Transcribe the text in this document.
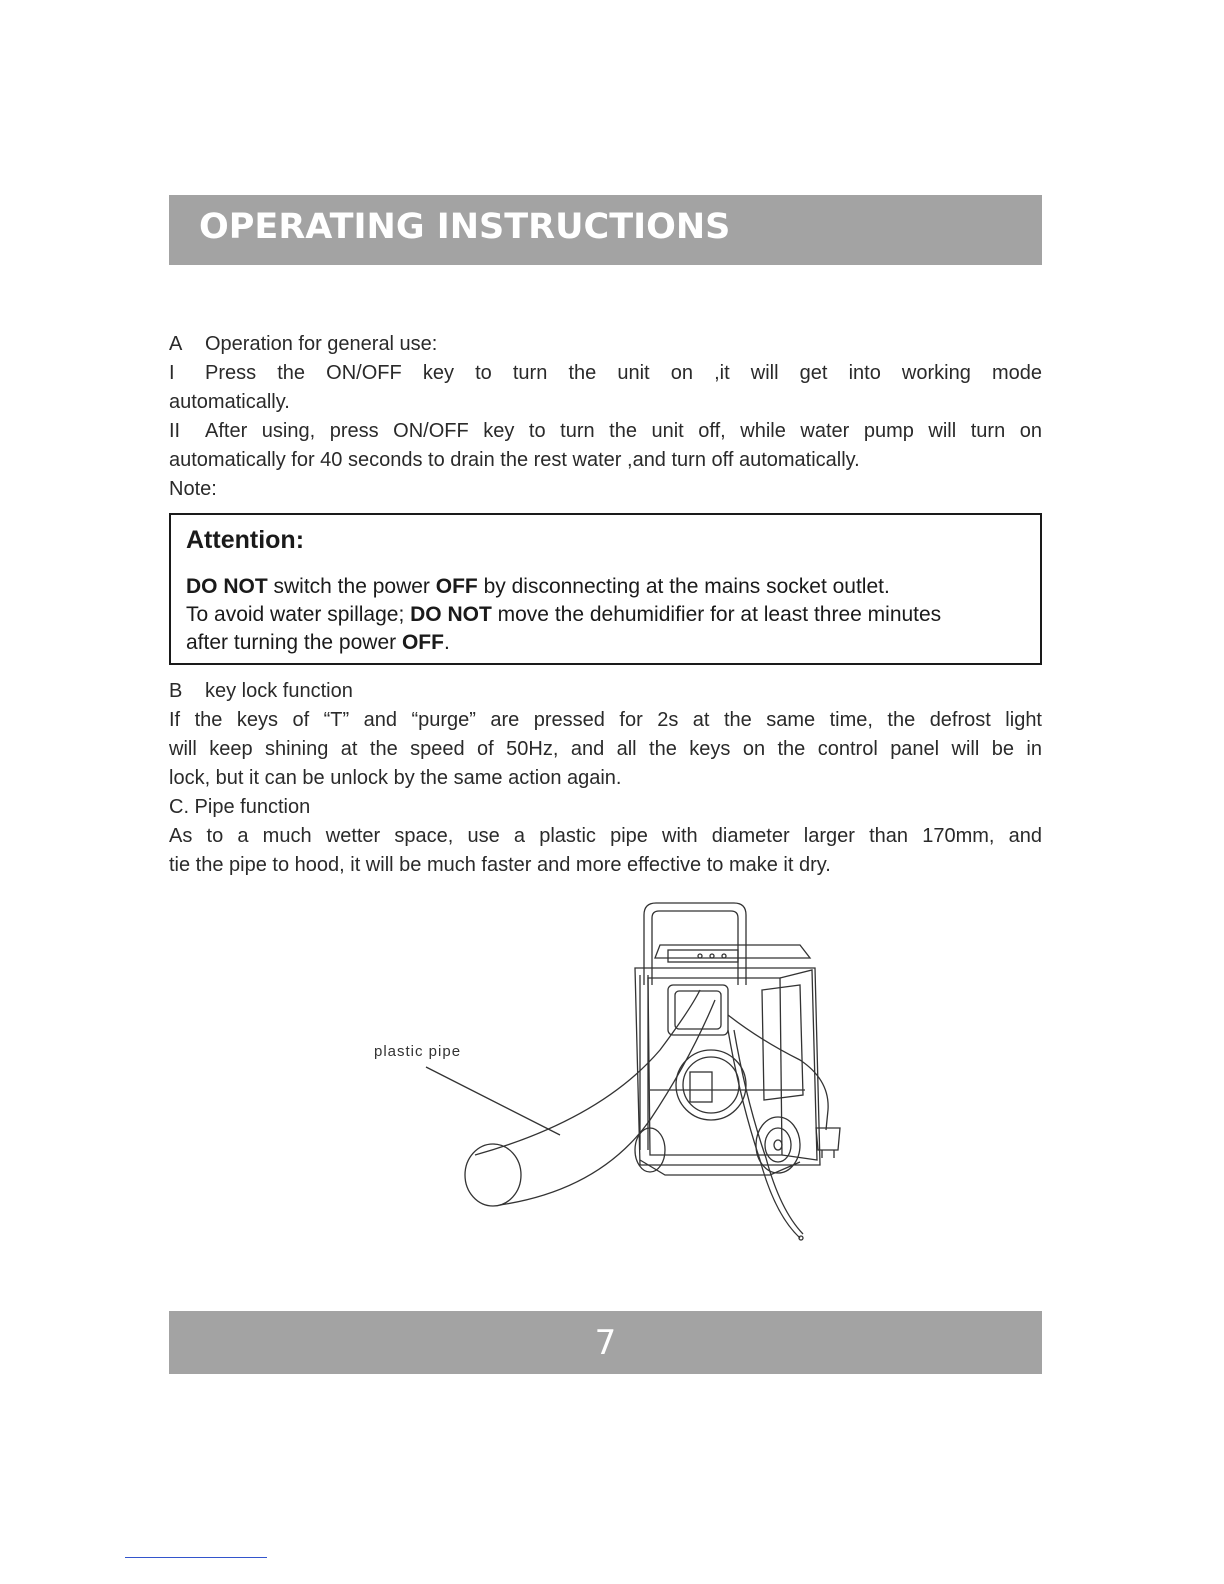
OPERATING INSTRUCTIONS

A Operation for general use:

I Press the ON/OFF key to turn the unit on ,it will get into working mode

automatically.

II After using, press ON/OFF key to turn the unit off, while water pump will turn on

automatically for 40 seconds to drain the rest water ,and turn off automatically.

Note:

Attention:

DO NOT switch the power OFF by disconnecting at the mains socket outlet.

To avoid water spillage; DO NOT move the dehumidifier for at least three minutes

after turning the power OFF.

B key lock function

If the keys of “T” and “purge” are pressed for 2s at the same time, the defrost light

will keep shining at the speed of 50Hz, and all the keys on the control panel will be in

lock, but it can be unlock by the same action again.

C. Pipe function

As to a much wetter space, use a plastic pipe with diameter larger than 170mm, and

tie the pipe to hood, it will be much faster and more effective to make it dry.

plastic pipe
7
